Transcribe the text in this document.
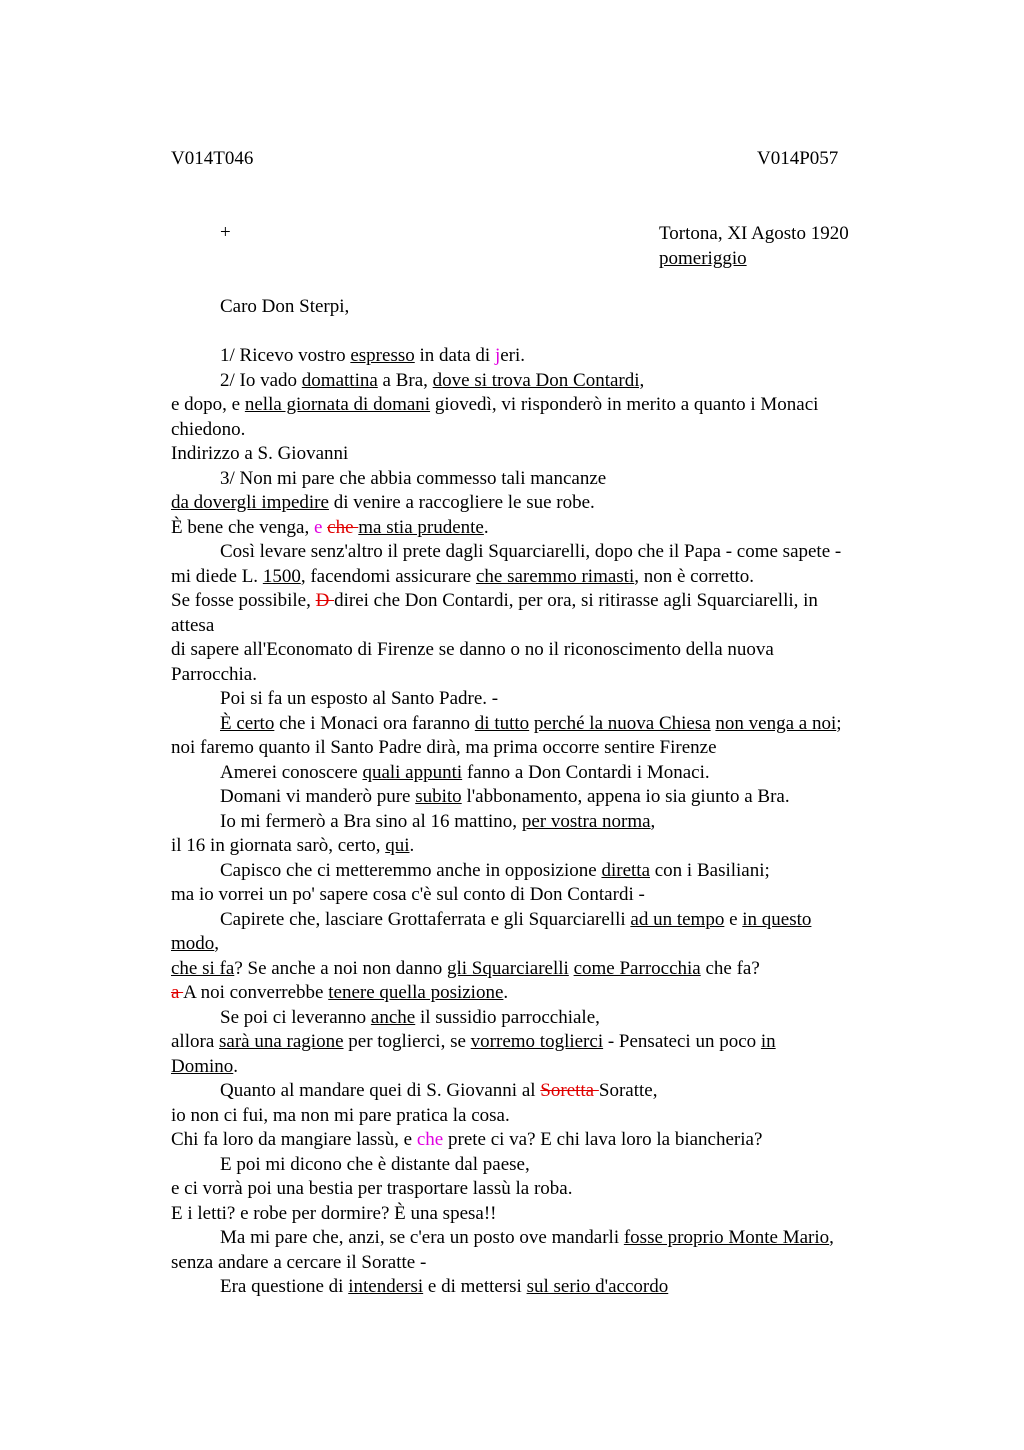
V014T046	V014P057
+	Tortona, XI Agosto 1920
pomeriggio

Caro Don Sterpi,

1/ Ricevo vostro espresso in data di jeri.

2/ Io vado domattina a Bra, dove si trova Don Contardi,

e dopo, e nella giornata di domani giovedì, vi risponderò in merito a quanto i Monaci

chiedono.

Indirizzo a S. Giovanni

3/ Non mi pare che abbia commesso tali mancanze

da dovergli impedire di venire a raccogliere le sue robe.

È bene che venga, e che ma stia prudente.

Così levare senz'altro il prete dagli Squarciarelli, dopo che il Papa - come sapete -

mi diede L. 1500, facendomi assicurare che saremmo rimasti, non è corretto.

Se fosse possibile, D direi che Don Contardi, per ora, si ritirasse agli Squarciarelli, in

attesa

di sapere all'Economato di Firenze se danno o no il riconoscimento della nuova

Parrocchia.

Poi si fa un esposto al Santo Padre. -

È certo che i Monaci ora faranno di tutto perché la nuova Chiesa non venga a noi;

noi faremo quanto il Santo Padre dirà, ma prima occorre sentire Firenze

Amerei conoscere quali appunti fanno a Don Contardi i Monaci.

Domani vi manderò pure subito l'abbonamento, appena io sia giunto a Bra.

Io mi fermerò a Bra sino al 16 mattino, per vostra norma,

il 16 in giornata sarò, certo, qui.

Capisco che ci metteremmo anche in opposizione diretta con i Basiliani;

ma io vorrei un po' sapere cosa c'è sul conto di Don Contardi -

Capirete che, lasciare Grottaferrata e gli Squarciarelli ad un tempo e in questo

modo,

che si fa? Se anche a noi non danno gli Squarciarelli come Parrocchia che fa?

a A noi converrebbe tenere quella posizione.

Se poi ci leveranno anche il sussidio parrocchiale,

allora sarà una ragione per toglierci, se vorremo toglierci - Pensateci un poco in

Domino.

Quanto al mandare quei di S. Giovanni al Soretta Soratte,

io non ci fui, ma non mi pare pratica la cosa.

Chi fa loro da mangiare lassù, e che prete ci va? E chi lava loro la biancheria?

E poi mi dicono che è distante dal paese,

e ci vorrà poi una bestia per trasportare lassù la roba.

E i letti? e robe per dormire? È una spesa!!

Ma mi pare che, anzi, se c'era un posto ove mandarli fosse proprio Monte Mario,

senza andare a cercare il Soratte -

Era questione di intendersi e di mettersi sul serio d'accordo
